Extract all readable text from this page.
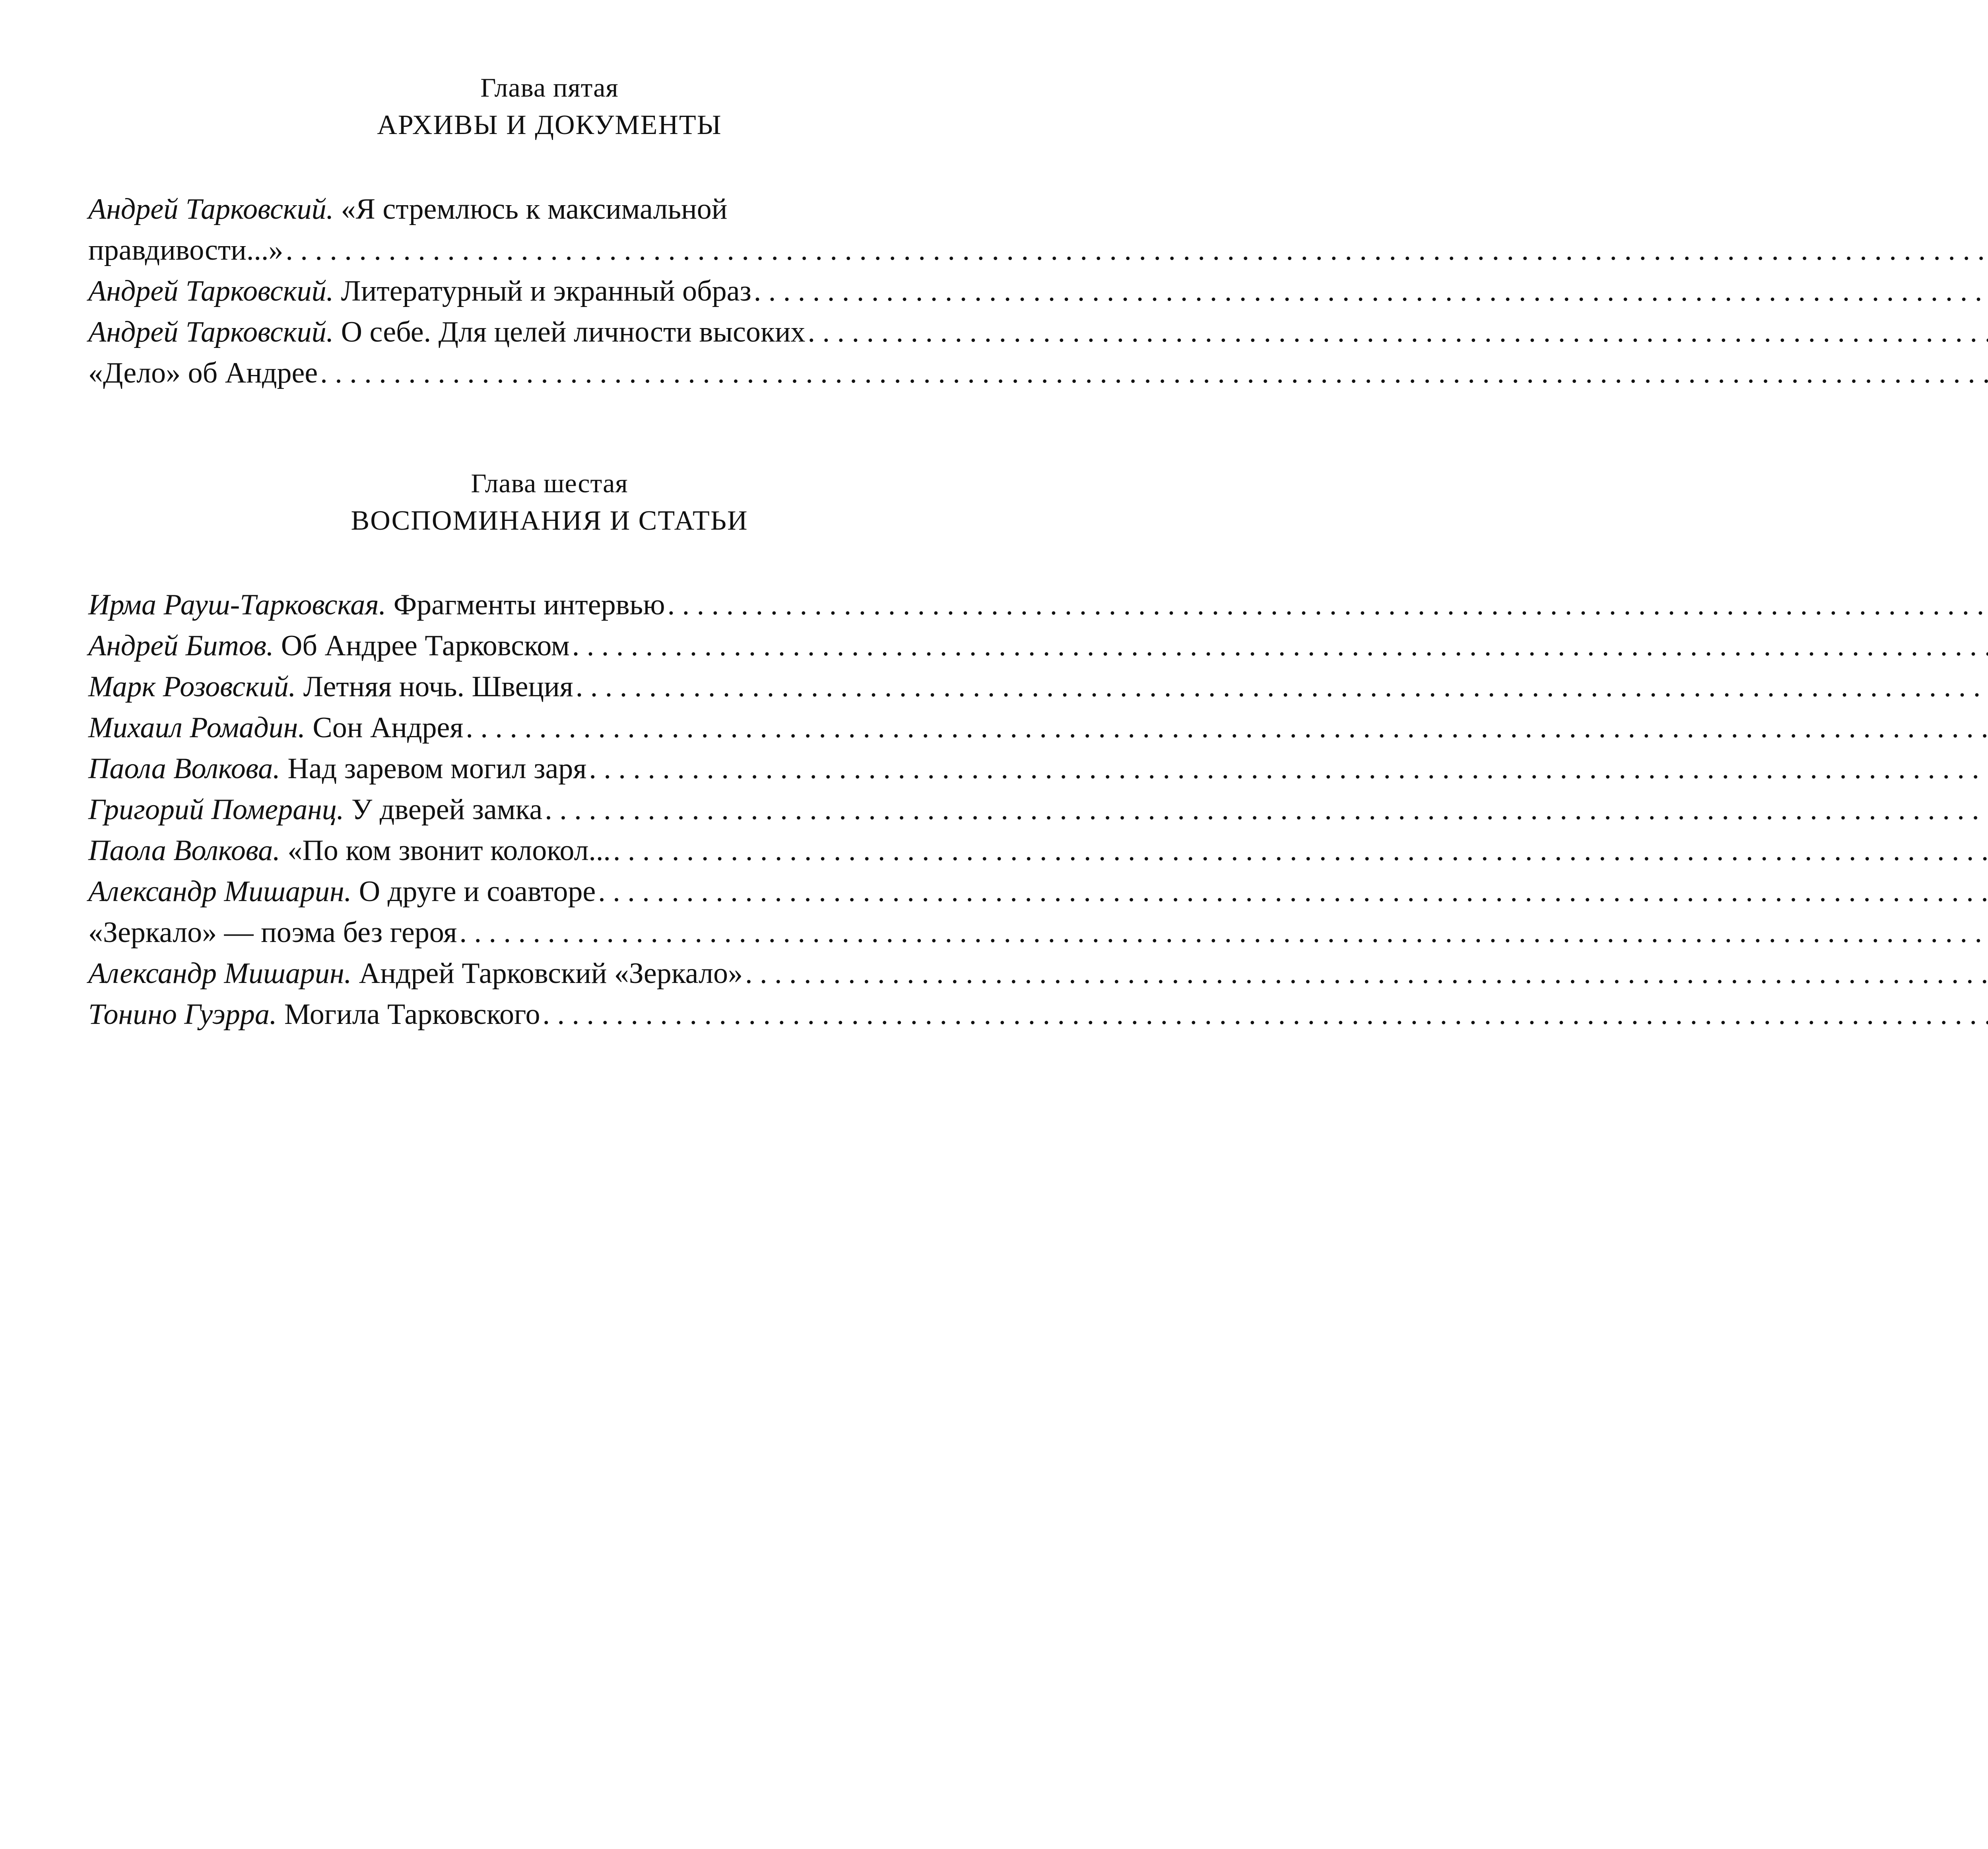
Глава пятая
АРХИВЫ И ДОКУМЕНТЫ
Андрей Тарковский. «Я стремлюсь к максимальной
правдивости...»
. . .
Андрей Тарковский. Литературный и экранный образ
. . .
Андрей Тарковский. О себе. Для целей личности высоких
. . .
«Дело» об Андрее
. . .
Глава шестая
ВОСПОМИНАНИЯ И СТАТЬИ
Ирма Рауш-Тарковская. Фрагменты интервью
. . .
Андрей Битов. Об Андрее Тарковском
. . .
Марк Розовский. Летняя ночь. Швеция
. . .
Михаил Ромадин. Сон Андрея
. . .
Паола Волкова. Над заревом могил заря
. . .
Григорий Померанц. У дверей замка
. . .
Паола Волкова. «По ком звонит колокол...
. . .
Александр Мишарин. О друге и соавторе
. . .
«Зеркало» — поэма без героя
. . .
Александр Мишарин. Андрей Тарковский «Зеркало»
. . .
Тонино Гуэрра. Могила Тарковского
. . .
